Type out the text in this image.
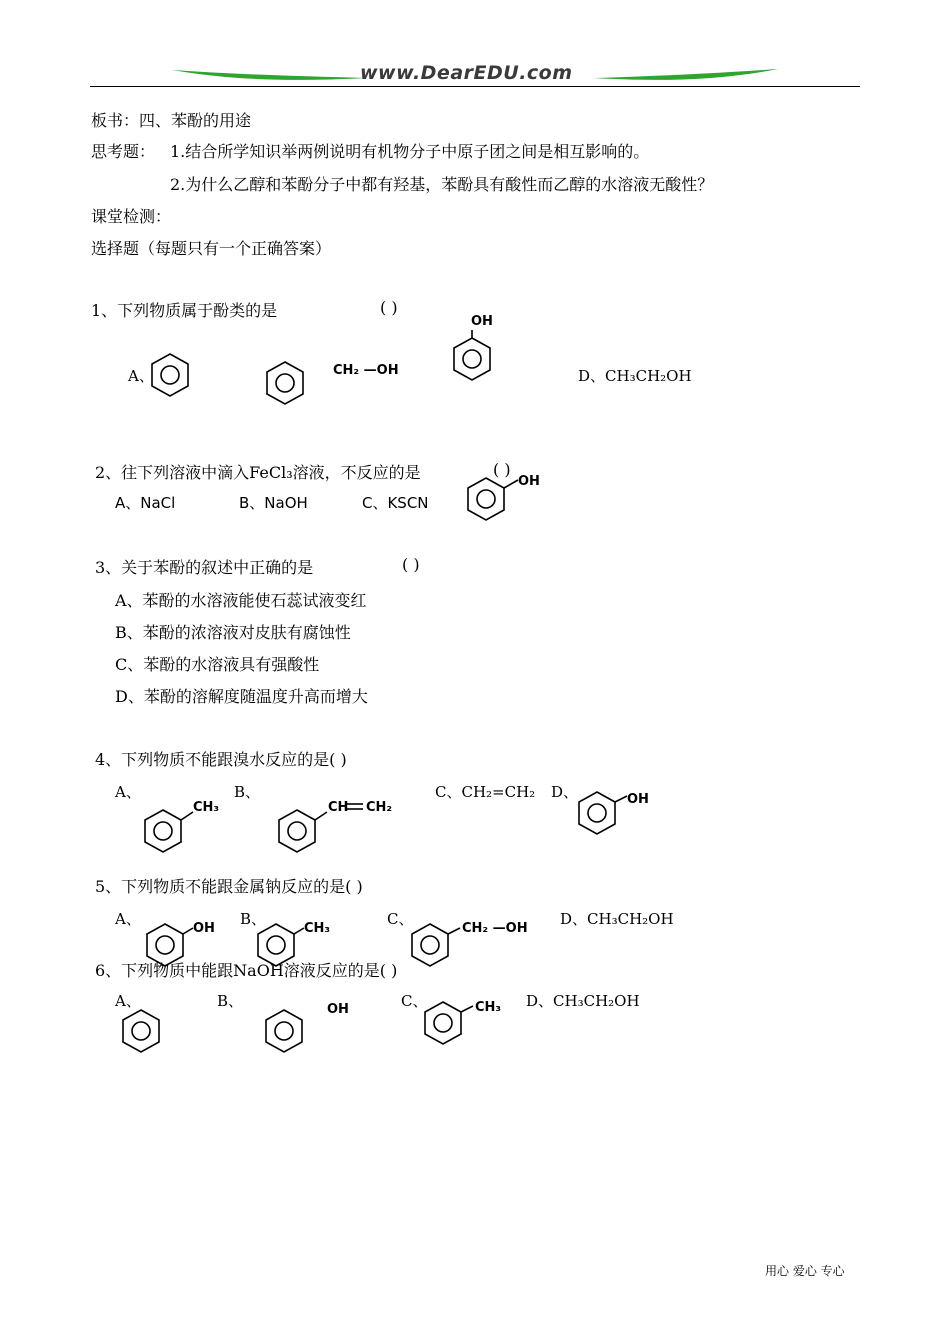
www.DearEDU.com
板书：四、苯酚的用途
思考题： 1.结合所学知识举两例说明有机物分子中原子团之间是相互影响的。
2.为什么乙醇和苯酚分子中都有羟基，苯酚具有酸性而乙醇的水溶液无酸性？
课堂检测：
选择题（每题只有一个正确答案）
1、下列物质属于酚类的是	( )
A、	CH₂ —OH
OH
D、CH₃CH₂OH
2、往下列溶液中滴入FeCl₃溶液，不反应的是	( )
A、NaCl	B、NaOH	C、KSCN
OH
3、关于苯酚的叙述中正确的是	( )
A、苯酚的水溶液能使石蕊试液变红
B、苯酚的浓溶液对皮肤有腐蚀性
C、苯酚的水溶液具有强酸性
D、苯酚的溶解度随温度升高而增大
4、下列物质不能跟溴水反应的是( )
A、
CH₃
B、
CH CH₂
C、CH₂=CH₂ D、	OH
5、下列物质不能跟金属钠反应的是( )
A、
OH
B、
CH₃
C、
CH₂ —OH
D、CH₃CH₂OH
6、下列物质中能跟NaOH溶液反应的是( )
A、	B、	OH	C、	CH₃ D、CH₃CH₂OH
用心 爱心 专心
